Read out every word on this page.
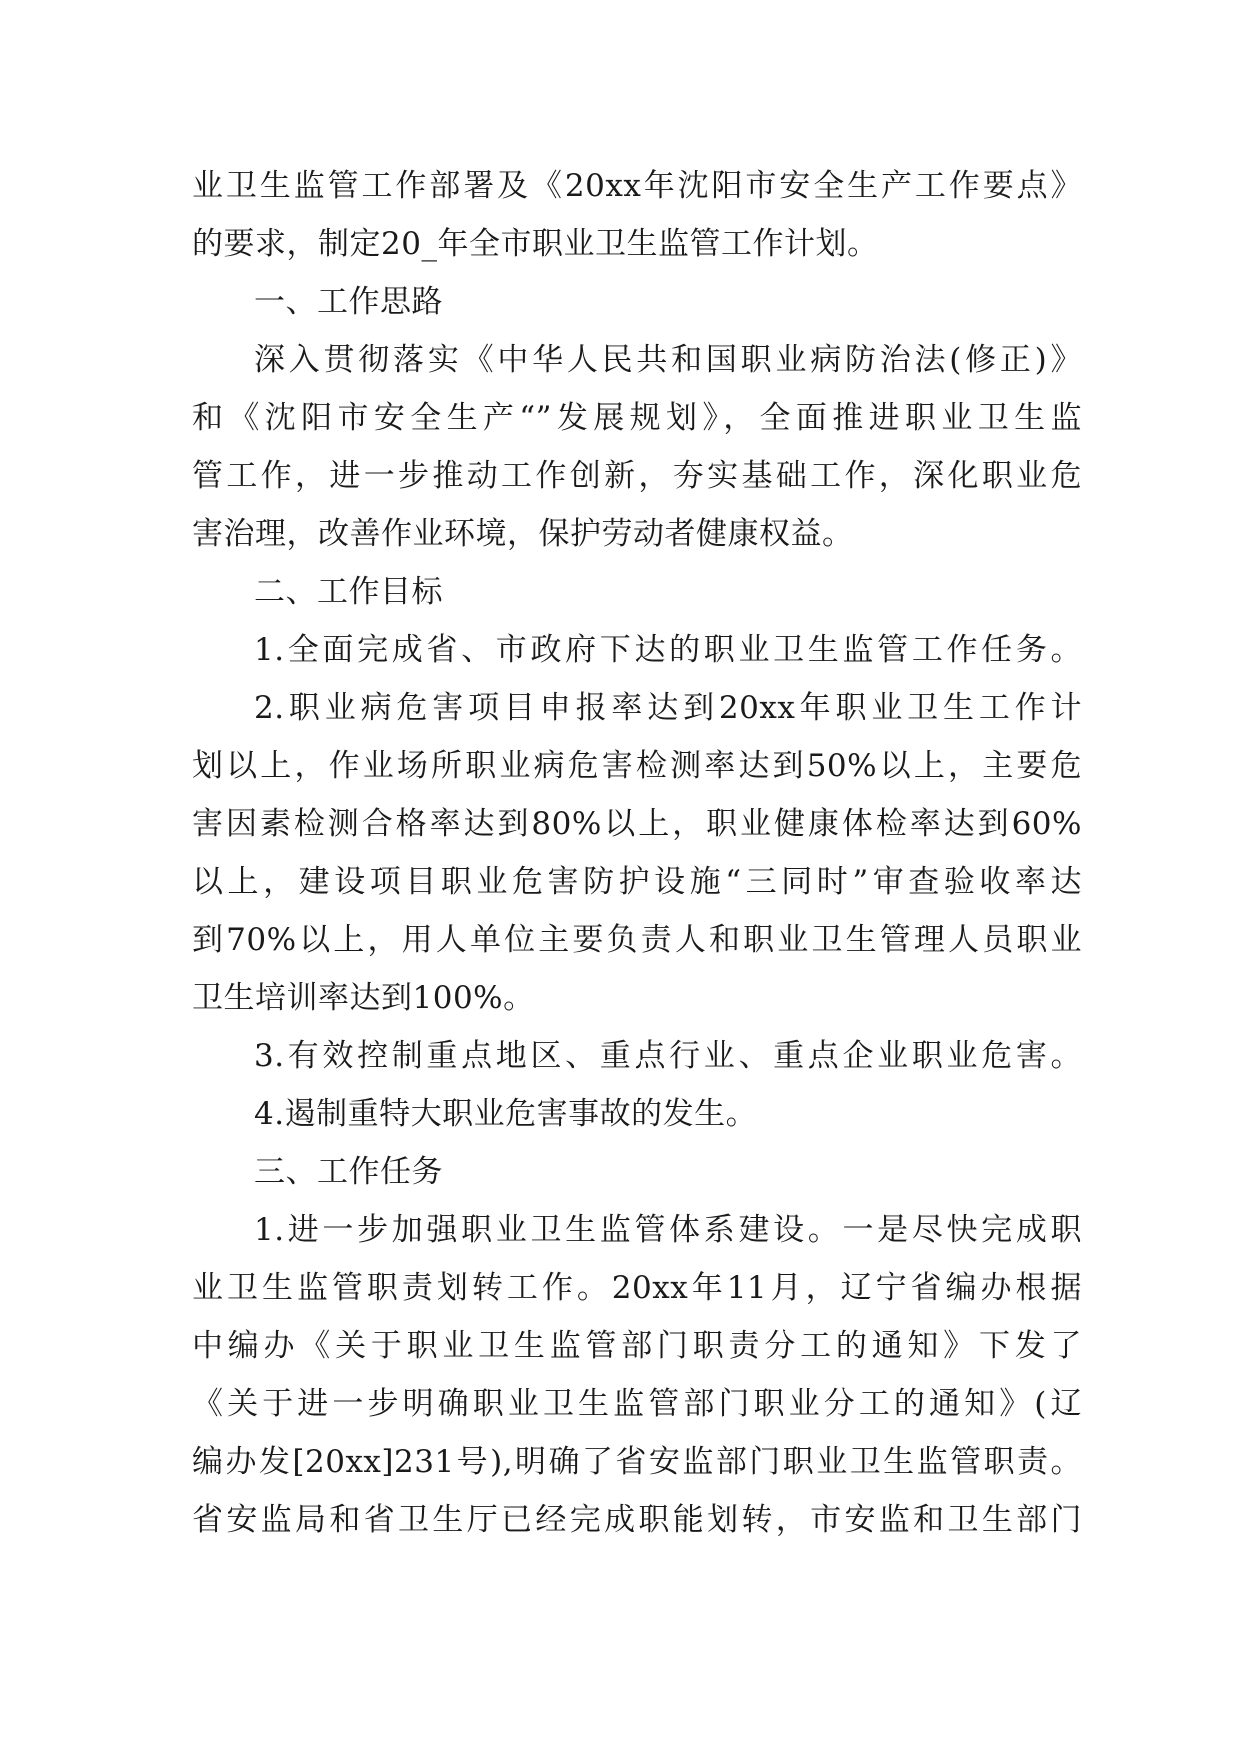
业卫生监管工作部署及《20xx年沈阳市安全生产工作要点》
的要求，制定20_年全市职业卫生监管工作计划。
一、工作思路
深入贯彻落实《中华人民共和国职业病防治法(修正)》
和《沈阳市安全生产“”发展规划》，全面推进职业卫生监
管工作，进一步推动工作创新，夯实基础工作，深化职业危
害治理，改善作业环境，保护劳动者健康权益。
二、工作目标
1.全面完成省、市政府下达的职业卫生监管工作任务。
2.职业病危害项目申报率达到20xx年职业卫生工作计
划以上，作业场所职业病危害检测率达到50%以上，主要危
害因素检测合格率达到80%以上，职业健康体检率达到60%
以上，建设项目职业危害防护设施“三同时”审查验收率达
到70%以上，用人单位主要负责人和职业卫生管理人员职业
卫生培训率达到100%。
3.有效控制重点地区、重点行业、重点企业职业危害。
4.遏制重特大职业危害事故的发生。
三、工作任务
1.进一步加强职业卫生监管体系建设。一是尽快完成职
业卫生监管职责划转工作。20xx年11月，辽宁省编办根据
中编办《关于职业卫生监管部门职责分工的通知》下发了
《关于进一步明确职业卫生监管部门职业分工的通知》(辽
编办发[20xx]231号),明确了省安监部门职业卫生监管职责。
省安监局和省卫生厅已经完成职能划转，市安监和卫生部门
